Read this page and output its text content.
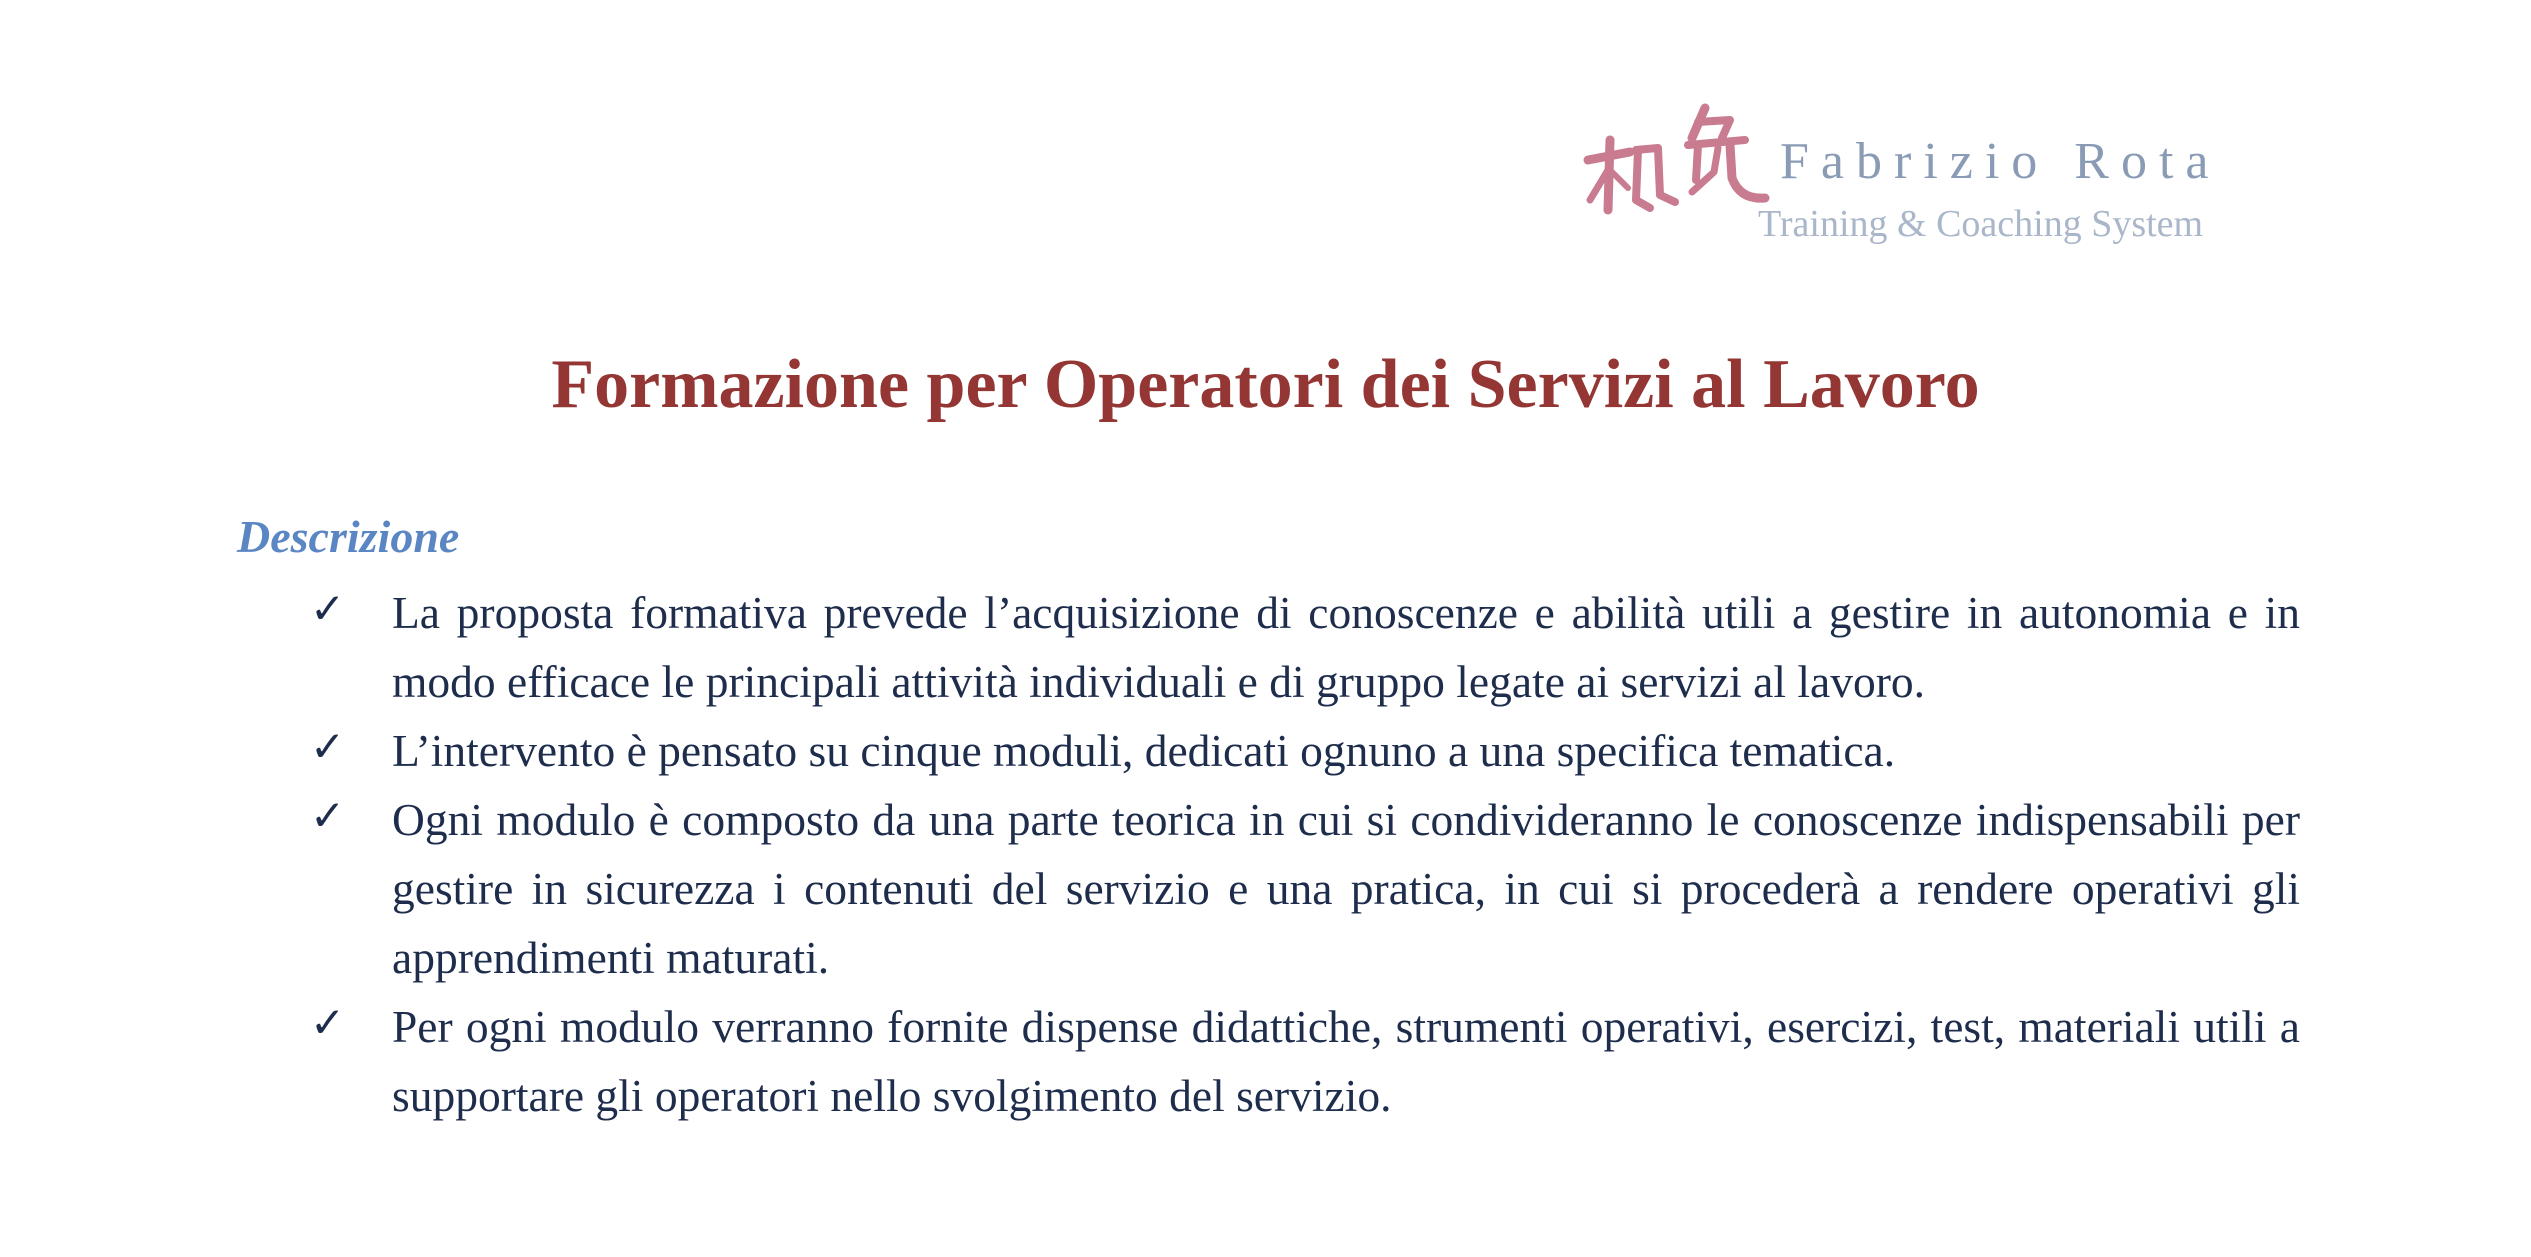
Fabrizio Rota
Training & Coaching System
Formazione per Operatori dei Servizi al Lavoro
Descrizione
✓ La proposta formativa prevede l’acquisizione di conoscenze e abilità utili a gestire in autonomia e in modo efficace le principali attività individuali e di gruppo legate ai servizi al lavoro.
✓ L’intervento è pensato su cinque moduli, dedicati ognuno a una specifica tematica.
✓ Ogni modulo è composto da una parte teorica in cui si condivideranno le conoscenze indispensabili per gestire in sicurezza i contenuti del servizio e una pratica, in cui si procederà a rendere operativi gli apprendimenti maturati.
✓ Per ogni modulo verranno fornite dispense didattiche, strumenti operativi, esercizi, test, materiali utili a supportare gli operatori nello svolgimento del servizio.
